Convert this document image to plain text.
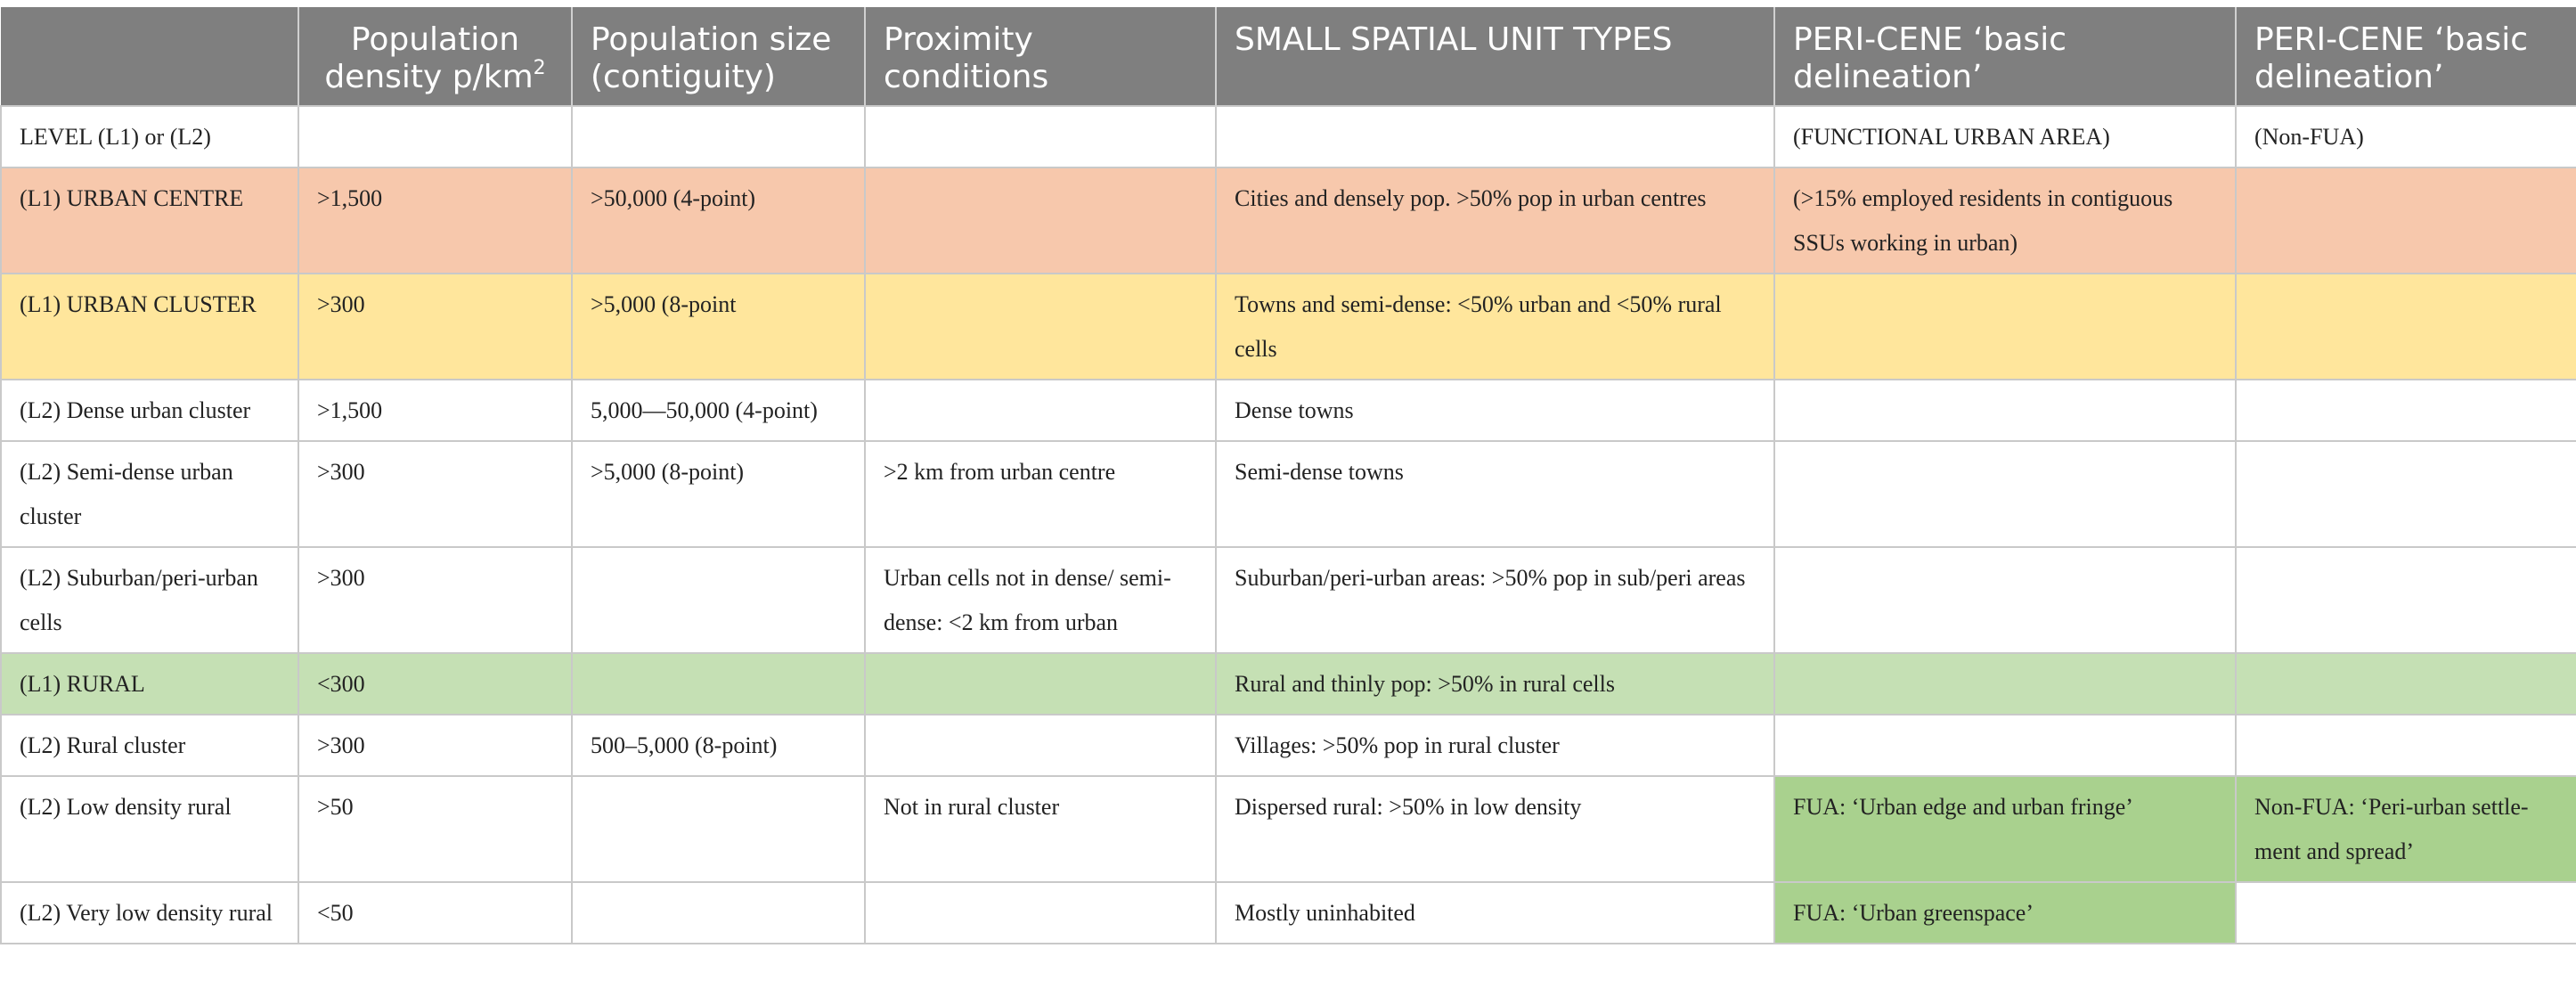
	Population density $p/km^2$	Population size (contiguity)	Proximity conditions	SMALL SPATIAL UNIT TYPES	PERI-CENE ‘basic delineation’	PERI-CENE ‘basic delineation’
LEVEL (L1) or (L2)					(FUNCTIONAL URBAN AREA)	(Non-FUA)
(L1) URBAN CENTRE	>1,500	>50,000 (4-point)		Cities and densely pop. >50% pop in urban centres	(>15% employed residents in contiguous SSUs working in urban)	
(L1) URBAN CLUSTER	>300	>5,000 (8-point		Towns and semi-dense: <50% urban and <50% rural cells		
(L2) Dense urban cluster	>1,500	5,000—50,000 (4-point)		Dense towns		
(L2) Semi-dense urban cluster	>300	>5,000 (8-point)	>2 km from urban centre	Semi-dense towns		
(L2) Suburban/peri-urban cells	>300		Urban cells not in dense/ semi-dense: <2 km from urban	Suburban/peri-urban areas: >50% pop in sub/peri areas		
(L1) RURAL	<300			Rural and thinly pop: >50% in rural cells		
(L2) Rural cluster	>300	500–5,000 (8-point)		Villages: >50% pop in rural cluster		
(L2) Low density rural	>50		Not in rural cluster	Dispersed rural: >50% in low density	FUA: ‘Urban edge and urban fringe’	Non-FUA: ‘Peri-urban settle-ment and spread’
(L2) Very low density rural	<50			Mostly uninhabited	FUA: ‘Urban greenspace’	
